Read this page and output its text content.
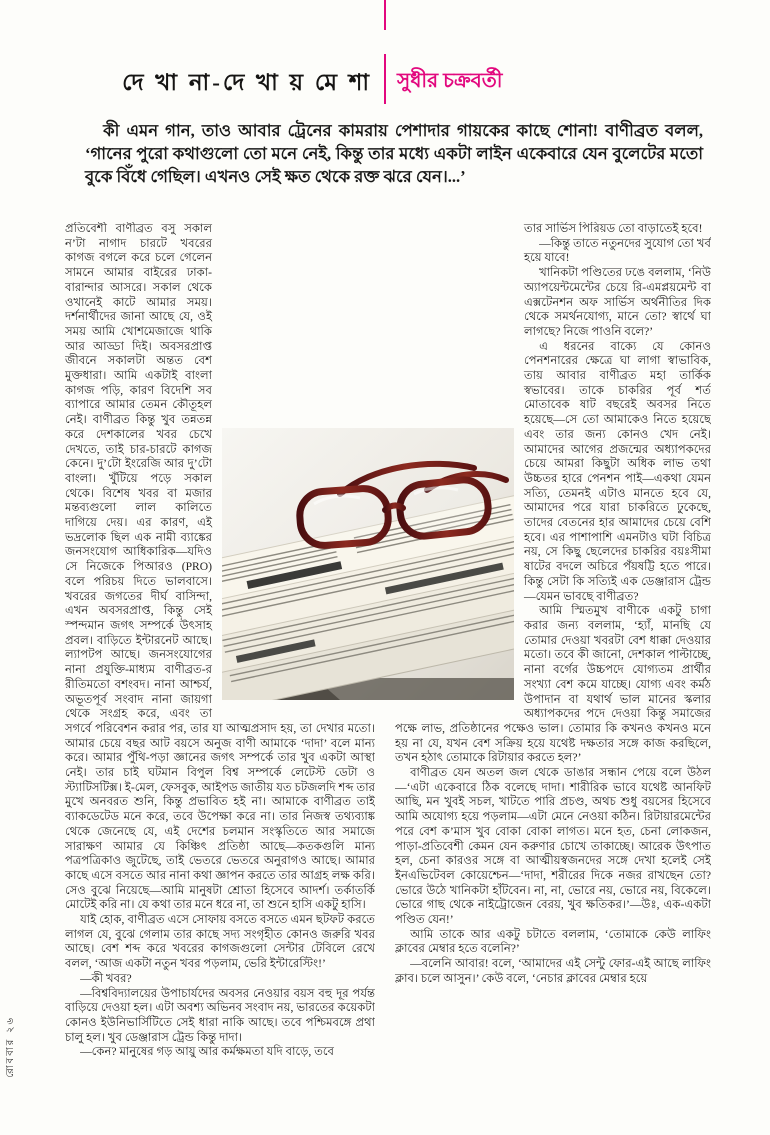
দে খা না-দে খা য় মে শা সুধীর চক্রবর্তী
কী এমন গান, তাও আবার ট্রেনের কামরায় পেশাদার গায়কের কাছে শোনা! বাণীব্রত বলল, ‘গানের পুরো কথাগুলো তো মনে নেই, কিন্তু তার মধ্যে একটা লাইন একেবারে যেন বুলেটের মতো বুকে বিঁধে গেছিল। এখনও সেই ক্ষত থেকে রক্ত ঝরে যেন।...’

প্রতিবেশী বাণীব্রত বসু সকাল ন’টা নাগাদ চারটে খবরের কাগজ বগলে করে চলে গেলেন সামনে আমার বাইরের ঢাকা-বারান্দার আসরে। সকাল থেকে ওখানেই কাটে আমার সময়। দর্শনার্থীদের জানা আছে যে, ওই সময় আমি খোশমেজাজে থাকি আর আড্ডা দিই। অবসরপ্রাপ্ত জীবনে সকালটা অন্তত বেশ মুক্তধারা। আমি একটাই বাংলা কাগজ পড়ি, কারণ বিদেশি সব ব্যাপারে আমার তেমন কৌতূহল নেই। বাণীব্রত কিন্তু খুব তন্নতন্ন করে দেশকালের খবর চেখে দেখতে, তাই চার-চারটে কাগজ কেনে। দু’টো ইংরেজি আর দু’টো বাংলা। খুঁটিয়ে পড়ে সকাল থেকে। বিশেষ খবর বা মজার মন্তব্যগুলো লাল কালিতে দাগিয়ে দেয়। এর কারণ, এই ভদ্রলোক ছিল এক নামী ব্যাঙ্কের জনসংযোগ আধিকারিক—যদিও সে নিজেকে পিআরও (PRO) বলে পরিচয় দিতে ভালবাসে। খবরের জগতের দীর্ঘ বাসিন্দা, এখন অবসরপ্রাপ্ত, কিন্তু সেই স্পন্দমান জগৎ সম্পর্কে উৎসাহ প্রবল। বাড়িতে ইন্টারনেট আছে। ল্যাপটপ আছে। জনসংযোগের নানা প্রযুক্তি-মাধ্যম বাণীব্রত-র রীতিমতো বশংবদ। নানা আশ্চর্য, অভূতপূর্ব সংবাদ নানা জায়গা থেকে সংগ্রহ করে, এবং তা সগর্বে পরিবেশন করার পর, তার যা আত্মপ্রসাদ হয়, তা দেখার মতো। আমার চেয়ে বছর আট বয়সে অনুজ বাণী আমাকে ‘দাদা’ বলে মান্য করে। আমার পুঁথি-পড়া জ্ঞানের জগৎ সম্পর্কে তার খুব একটা আস্থা নেই। তার চাই ঘটমান বিপুল বিশ্ব সম্পর্কে লেটেস্ট ডেটা ও স্ট্যাটিসটিক্স। ই-মেল, ফেসবুক, আইপড জাতীয় যত চটজলদি শব্দ তার মুখে অনবরত শুনি, কিন্তু প্রভাবিত হই না। আমাকে বাণীব্রত তাই ব্যাকডেটেড মনে করে, তবে উপেক্ষা করে না। তার নিজস্ব তথ্যব্যাঙ্ক থেকে জেনেছে যে, এই দেশের চলমান সংস্কৃতিতে আর সমাজে সারাক্ষণ আমার যে কিঞ্চিৎ প্রতিষ্ঠা আছে—কতকগুলি মান্য পত্রপত্রিকাও জুটেছে, তাই ভেতরে ভেতরে অনুরাগও আছে। আমার কাছে এসে বসতে আর নানা কথা জ্ঞাপন করতে তার আগ্রহ লক্ষ করি। সেও বুঝে নিয়েছে—আমি মানুষটা শ্রোতা হিসেবে আদর্শ। তর্কাতর্কি মোটেই করি না। যে কথা তার মনে ধরে না, তা শুনে হাসি একটু হাসি।

যাই হোক, বাণীব্রত এসে সোফায় বসতে বসতে এমন ছটফট করতে লাগল যে, বুঝে গেলাম তার কাছে সদ্য সংগৃহীত কোনও জরুরি খবর আছে। বেশ শব্দ করে খবরের কাগজগুলো সেন্টার টেবিলে রেখে বলল, ‘আজ একটা নতুন খবর পড়লাম, ভেরি ইন্টারেস্টিং!’

—কী খবর?

—বিশ্ববিদ্যালয়ের উপাচার্যদের অবসর নেওয়ার বয়স বহু দূর পর্যন্ত বাড়িয়ে দেওয়া হল। এটা অবশ্য অভিনব সংবাদ নয়, ভারতের কয়েকটা কোনও ইউনিভার্সিটিতে সেই ধারা নাকি আছে। তবে পশ্চিমবঙ্গে প্রথা চালু হল। খুব ডেঞ্জারাস ট্রেন্ড কিন্তু দাদা।

—কেন? মানুষের গড় আয়ু আর কর্মক্ষমতা যদি বাড়ে, তবে

তার সার্ভিস পিরিয়ড তো বাড়াতেই হবে!

—কিন্তু তাতে নতুনদের সুযোগ তো খর্ব হয়ে যাবে!

খানিকটা পণ্ডিতের ঢঙে বললাম, ‘নিউ অ্যাপয়েন্টমেন্টের চেয়ে রি-এমপ্লয়মেন্ট বা এক্সটেনশন অফ সার্ভিস অর্থনীতির দিক থেকে সমর্থনযোগ্য, মানে তো? স্বার্থে ঘা লাগছে? নিজে পাওনি বলে?’

এ ধরনের বাক্যে যে কোনও পেনশনারের ক্ষেত্রে ঘা লাগা স্বাভাবিক, তায় আবার বাণীব্রত মহা তার্কিক স্বভাবের। তাকে চাকরির পূর্ব শর্ত মোতাবেক ষাট বছরেই অবসর নিতে হয়েছে—সে তো আমাকেও নিতে হয়েছে এবং তার জন্য কোনও খেদ নেই। আমাদের আগের প্রজন্মের অধ্যাপকদের চেয়ে আমরা কিছুটা অধিক লাভ তথা উচ্চতর হারে পেনশন পাই—একথা যেমন সত্যি, তেমনই এটাও মানতে হবে যে, আমাদের পরে যারা চাকরিতে ঢুকেছে, তাদের বেতনের হার আমাদের চেয়ে বেশি হবে। এর পাশাপাশি এমনটাও ঘটা বিচিত্র নয়, সে কিছু ছেলেদের চাকরির বয়ঃসীমা ষাটের বদলে অচিরে পঁয়ষট্টি হতে পারে। কিন্তু সেটা কি সত্যিই এক ডেঞ্জারাস ট্রেন্ড—যেমন ভাবছে বাণীব্রত?

আমি স্মিতমুখ বাণীকে একটু চাগা করার জন্য বললাম, ‘হ্যাঁ, মানছি যে তোমার দেওয়া খবরটা বেশ ধাক্কা দেওয়ার মতো। তবে কী জানো, দেশকাল পাল্টাচ্ছে, নানা বর্গের উচ্চপদে যোগ্যতম প্রার্থীর সংখ্যা বেশ কমে যাচ্ছে। যোগ্য এবং কর্মঠ উপাদান বা যথার্থ ভাল মানের স্কলার অধ্যাপকদের পদে দেওয়া কিন্তু সমাজের পক্ষে লাভ, প্রতিষ্ঠানের পক্ষেও ভাল। তোমার কি কখনও কখনও মনে হয় না যে, যখন বেশ সক্রিয় হয়ে যথেষ্ট দক্ষতার সঙ্গে কাজ করছিলে, তখন হঠাৎ তোমাকে রিটায়ার করতে হল?’

বাণীব্রত যেন অতল জল থেকে ডাঙার সন্ধান পেয়ে বলে উঠল—‘এটা একেবারে ঠিক বলেছে দাদা। শারীরিক ভাবে যথেষ্ট আনফিট আছি, মন খুবই সচল, খাটতে পারি প্রচণ্ড, অথচ শুধু বয়সের হিসেবে আমি অযোগ্য হয়ে পড়লাম—এটা মেনে নেওয়া কঠিন। রিটায়ারমেন্টের পরে বেশ ক’মাস খুব বোকা বোকা লাগত। মনে হত, চেনা লোকজন, পাড়া-প্রতিবেশী কেমন যেন করুণার চোখে তাকাচ্ছে। আরেক উৎপাত হল, চেনা কারওর সঙ্গে বা আত্মীয়স্বজনদের সঙ্গে দেখা হলেই সেই ইনএভিটেবল কোয়েশ্চেন—‘দাদা, শরীরের দিকে নজর রাখছেন তো? ভোরে উঠে খানিকটা হাঁটবেন। না, না, ভোরে নয়, ভোরে নয়, বিকেলে। ভোরে গাছ থেকে নাইট্রোজেন বেরয়, খুব ক্ষতিকর।’—উঃ, এক-একটা পণ্ডিত যেন!’

আমি তাকে আর একটু চটাতে বললাম, ‘তোমাকে কেউ লাফিং ক্লাবের মেম্বার হতে বলেনি?’

—বলেনি আবার! বলে, ‘আমাদের এই সেন্টু ফোর-এই আছে লাফিং ক্লাব। চলে আসুন।’ কেউ বলে, ‘নেচার ক্লাবের মেম্বার হয়ে

রোববার ২৬
